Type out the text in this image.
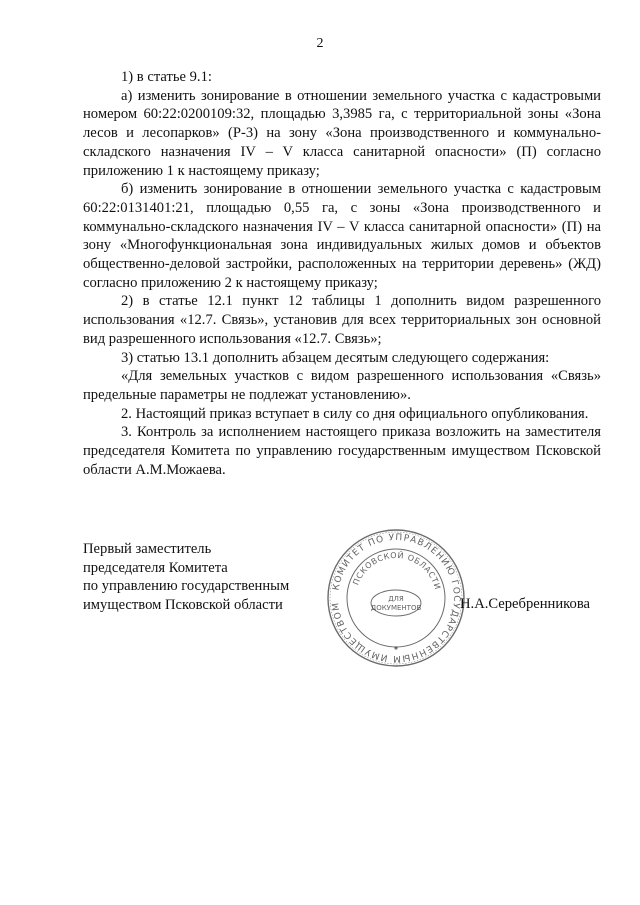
2

1) в статье 9.1:

а) изменить зонирование в отношении земельного участка с кадастровыми номером 60:22:0200109:32, площадью 3,3985 га, с территориальной зоны «Зона лесов и лесопарков» (Р-3) на зону «Зона производственного и коммунально-складского назначения IV – V класса санитарной опасности» (П) согласно приложению 1 к настоящему приказу;

б) изменить зонирование в отношении земельного участка с кадастровым 60:22:0131401:21, площадью 0,55 га, с зоны «Зона производственного и коммунально-складского назначения IV – V класса санитарной опасности» (П) на зону «Многофункциональная зона индивидуальных жилых домов и объектов общественно-деловой застройки, расположенных на территории деревень» (ЖД) согласно приложению 2 к настоящему приказу;

2) в статье 12.1 пункт 12 таблицы 1 дополнить видом разрешенного использования «12.7. Связь», установив для всех территориальных зон основной вид разрешенного использования «12.7. Связь»;

3) статью 13.1 дополнить абзацем десятым следующего содержания:

«Для земельных участков с видом разрешенного использования «Связь» предельные параметры не подлежат установлению».

2. Настоящий приказ вступает в силу со дня официального опубликования.

3. Контроль за исполнением настоящего приказа возложить на заместителя председателя Комитета по управлению государственным имуществом Псковской области А.М.Можаева.

Первый заместитель
председателя Комитета
по управлению государственным
имуществом Псковской области
КОМИТЕТ ПО УПРАВЛЕНИЮ ГОСУДАРСТВЕННЫМ ИМУЩЕСТВОМ
ПСКОВСКОЙ ОБЛАСТИ
ДЛЯ
ДОКУМЕНТОВ	Н.А.Серебренникова
